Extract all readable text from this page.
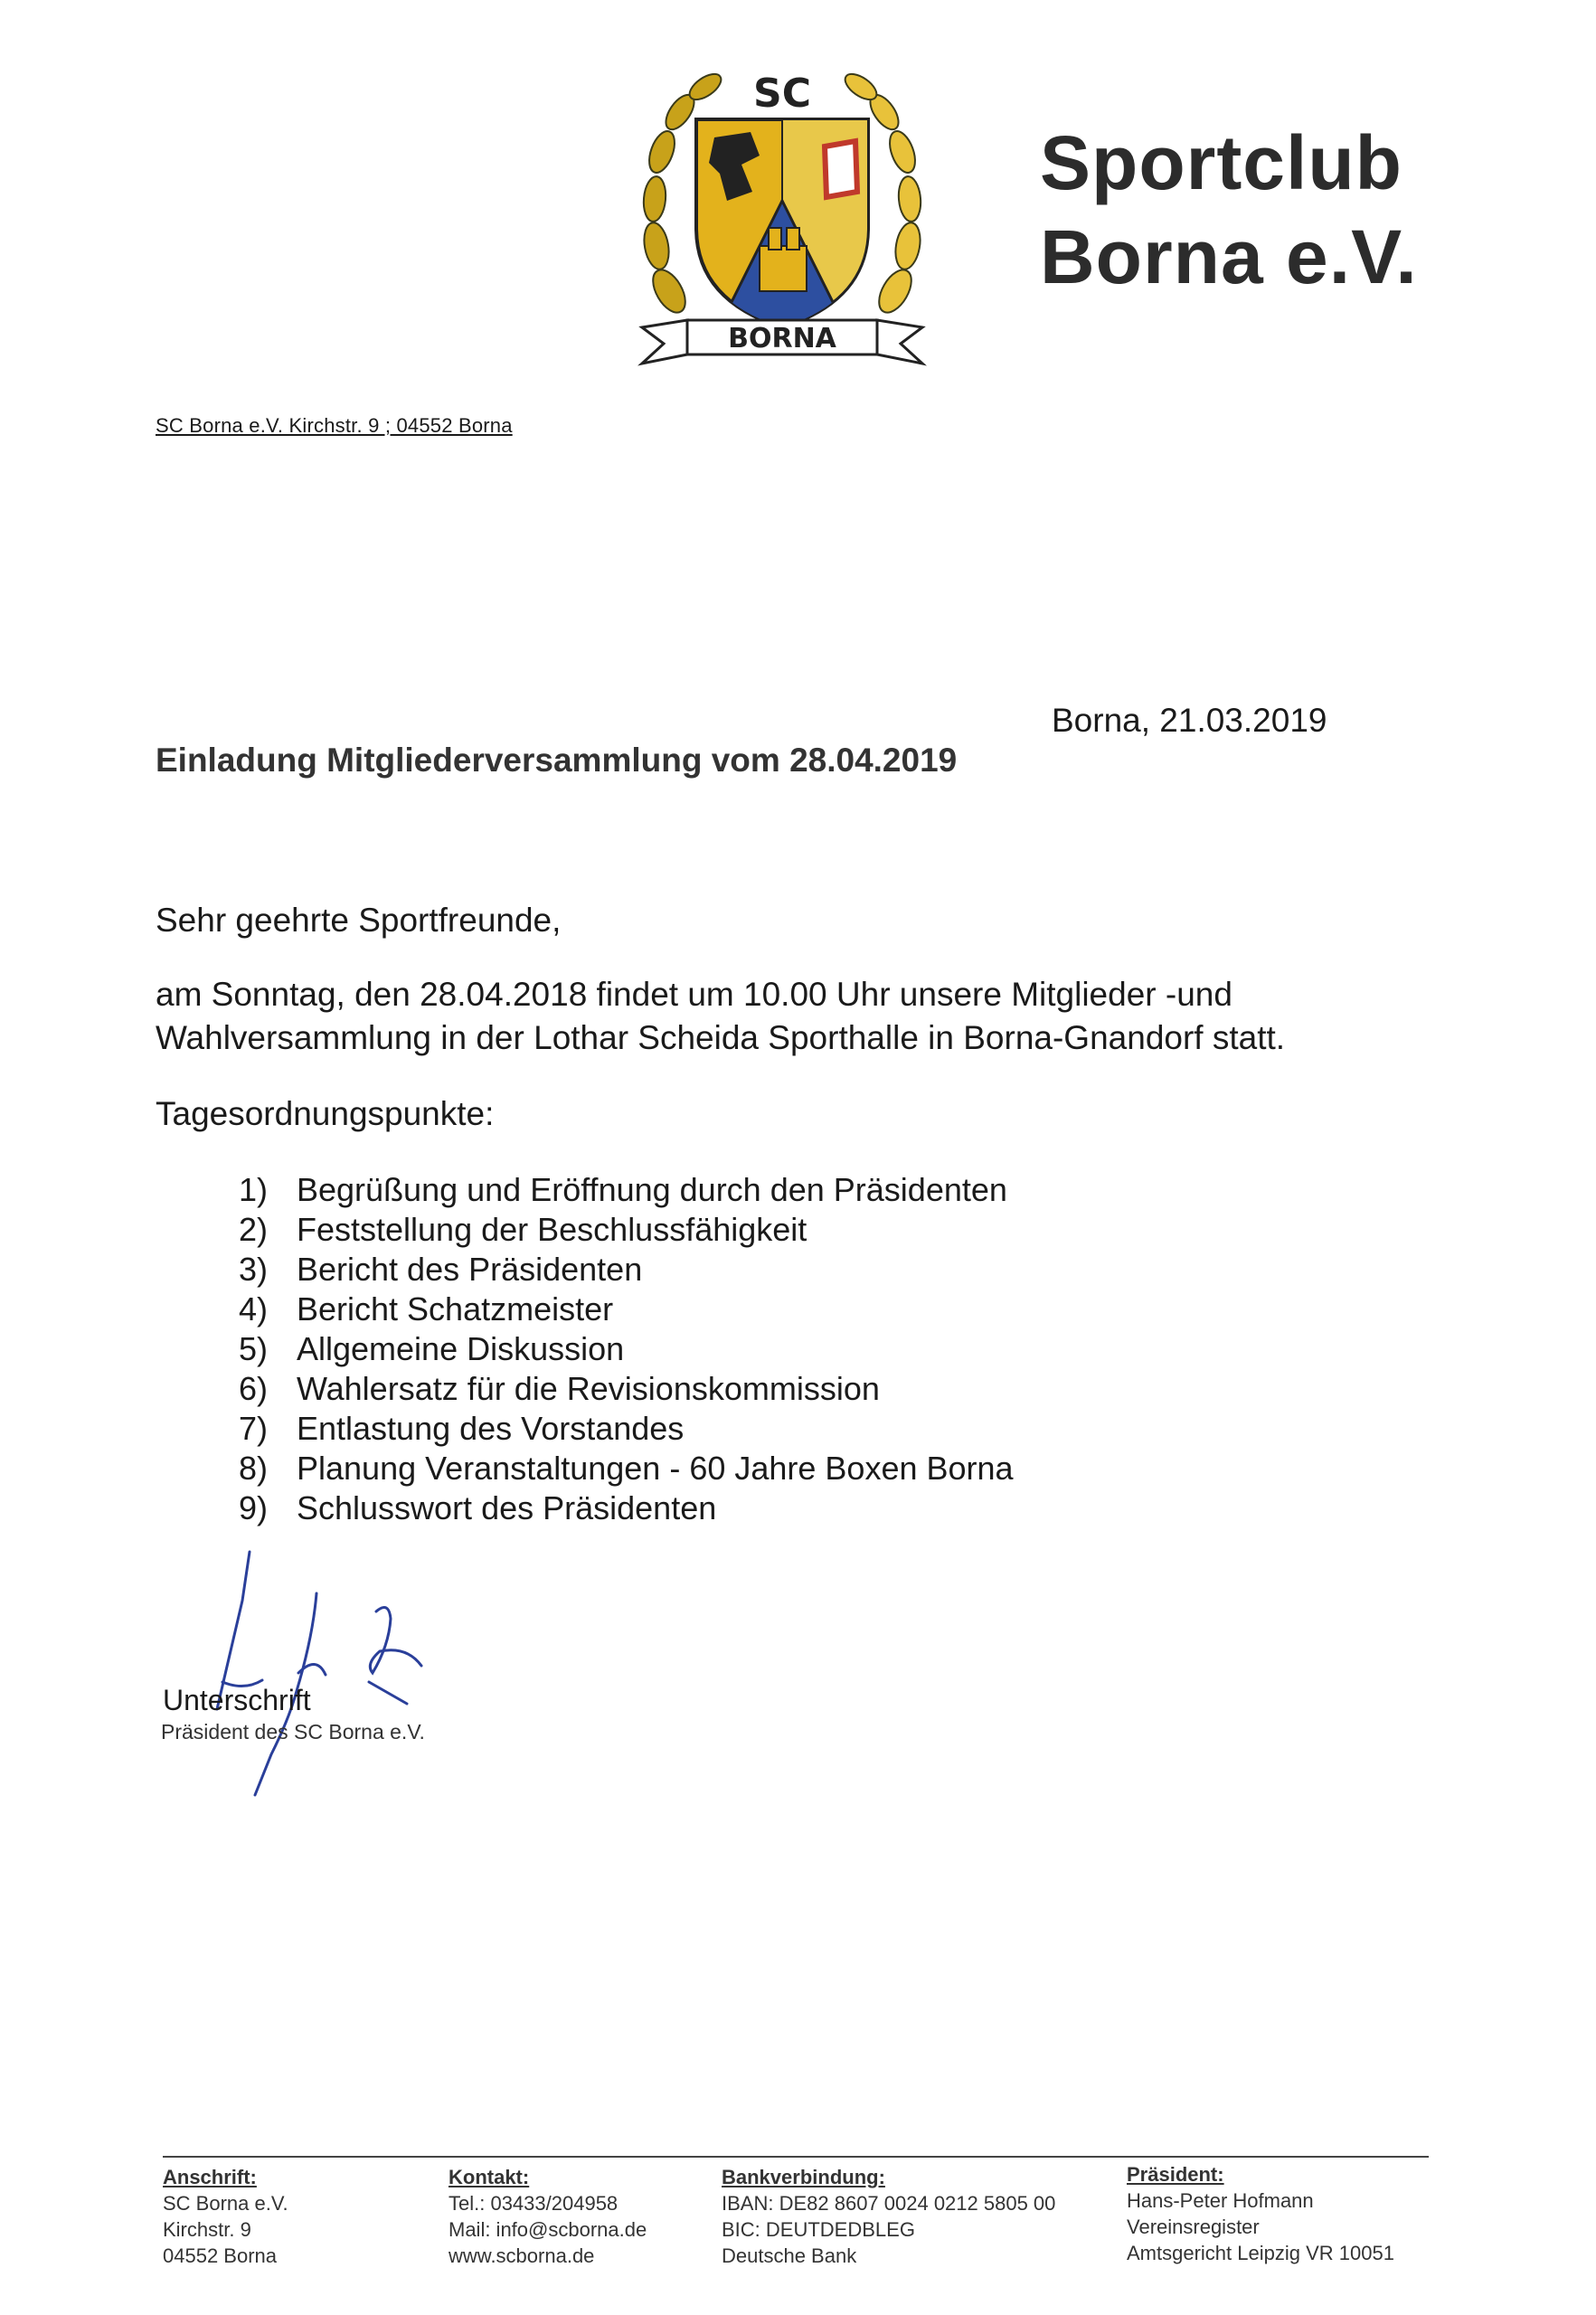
SC
BORNA
Sportclub
Borna e.V.
SC Borna e.V. Kirchstr. 9 ; 04552 Borna
Borna, 21.03.2019
Einladung Mitgliederversammlung vom 28.04.2019
Sehr geehrte Sportfreunde,
am Sonntag, den 28.04.2018 findet um 10.00 Uhr unsere Mitglieder -und
Wahlversammlung in der Lothar Scheida Sporthalle in Borna-Gnandorf statt.
Tagesordnungspunkte:
1) Begrüßung und Eröffnung durch den Präsidenten
2) Feststellung der Beschlussfähigkeit
3) Bericht des Präsidenten
4) Bericht Schatzmeister
5) Allgemeine Diskussion
6) Wahlersatz für die Revisionskommission
7) Entlastung des Vorstandes
8) Planung Veranstaltungen - 60 Jahre Boxen Borna
9) Schlusswort des Präsidenten
Unterschrift
Präsident des SC Borna e.V.
Anschrift:
SC Borna e.V.
Kirchstr. 9
04552 Borna
Kontakt:
Tel.: 03433/204958
Mail: info@scborna.de
www.scborna.de
Bankverbindung:
IBAN: DE82 8607 0024 0212 5805 00
BIC: DEUTDEDBLEG
Deutsche Bank
Präsident:
Hans-Peter Hofmann
Vereinsregister
Amtsgericht Leipzig VR 10051
